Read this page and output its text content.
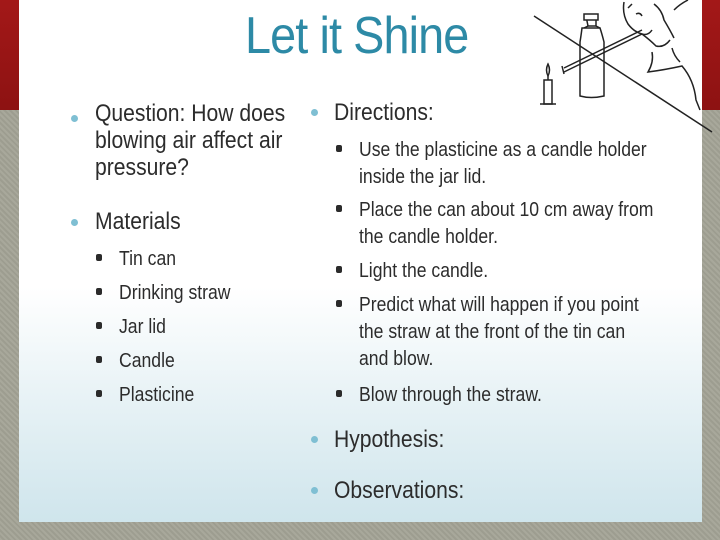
Let it Shine
Question: How does
blowing air affect air
pressure?
Materials
Tin can
Drinking straw
Jar lid
Candle
Plasticine
Directions:
Use the plasticine as a candle holder
inside the jar lid.
Place the can about 10 cm away from
the candle holder.
Light the candle.
Predict what will happen if you point
the straw at the front of the tin can
and blow.
Blow through the straw.
Hypothesis:
Observations:
